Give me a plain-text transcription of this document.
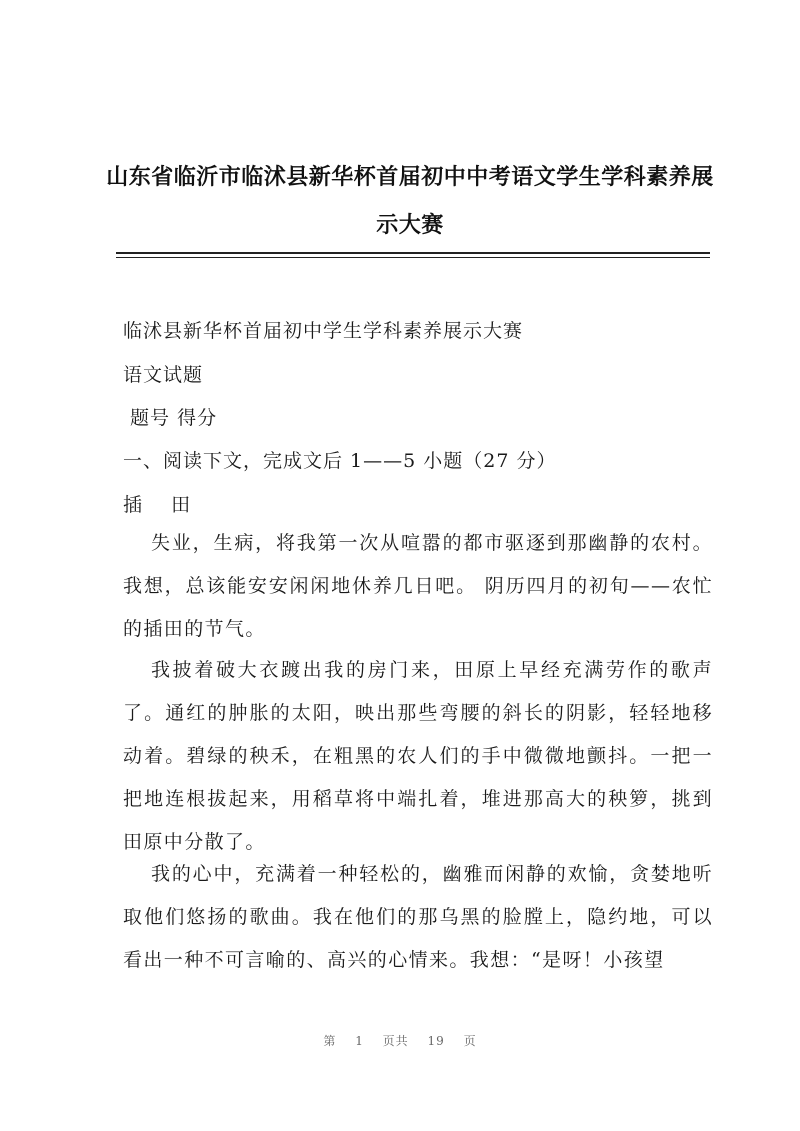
山东省临沂市临沭县新华杯首届初中中考语文学生学科素养展示大赛
临沭县新华杯首届初中学生学科素养展示大赛
语文试题
题号 得分
一、阅读下文，完成文后 1——5 小题（27 分）
插    田
失业，生病，将我第一次从喧嚣的都市驱逐到那幽静的农村。我想，总该能安安闲闲地休养几日吧。 阴历四月的初旬——农忙的插田的节气。
我披着破大衣踱出我的房门来，田原上早经充满劳作的歌声了。通红的肿胀的太阳，映出那些弯腰的斜长的阴影，轻轻地移动着。碧绿的秧禾，在粗黑的农人们的手中微微地颤抖。一把一把地连根拔起来，用稻草将中端扎着，堆进那高大的秧箩，挑到田原中分散了。
我的心中，充满着一种轻松的，幽雅而闲静的欢愉，贪婪地听取他们悠扬的歌曲。我在他们的那乌黑的脸膛上，隐约地，可以看出一种不可言喻的、高兴的心情来。我想：“是呀！小孩望
第 1 页共 19 页
